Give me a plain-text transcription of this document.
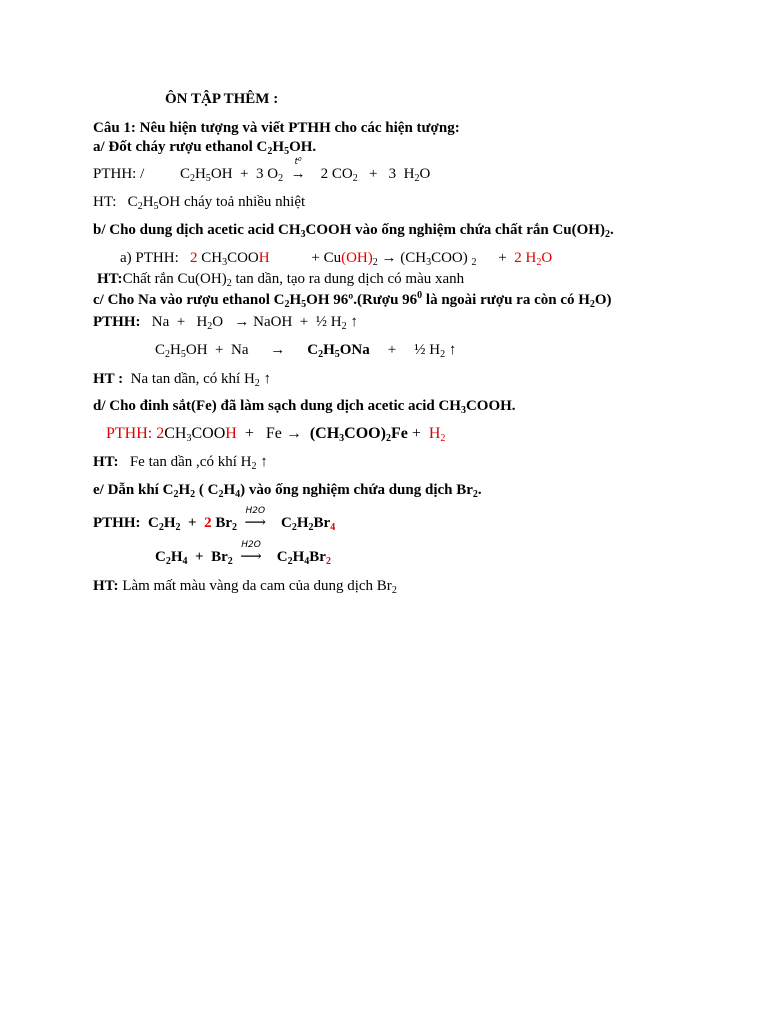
ÔN TẬP THÊM :
Câu 1: Nêu hiện tượng và viết PTHH cho các hiện tượng:
a/ Đốt cháy rượu ethanol $C_2H_5OH$.
PTHH: / $C_2H_5OH + 3$ $O_2$
t⁰
→    2 $CO_2 + 3$  $H_2O$
HT:   $C_2H_5OH$ cháy toả nhiều nhiệt
b/ Cho dung dịch acetic acid $CH_3COOH$ vào ống nghiệm chứa chất rắn $Cu(OH)_2$.
a) PTHH: 2 $CH_3COOH$	+ $Cu(OH)_2 \to (CH_3COO) _2 + 2$ $H_2O$
HT:Chất rắn $Cu(OH)_2$ tan dần, tạo ra dung dịch có màu xanh
c/ Cho Na vào rượu ethanol $C_2H_5OH$ 96º.(Rượu $96^0$ là ngoài rượu ra còn có $H_2O$)
PTHH:   $Na + H_2O$   → NaOH  +  ½ $H_2$ ↑
$C_2H_5OH + Na \to C_2H_5ONa$ + ½ $H_2$ ↑
HT : Na tan dần, có khí $H_2$ ↑
d/ Cho đinh sắt(Fe) đã làm sạch dung dịch acetic acid $CH_3COOH$.
PTHH: $2CH_3COOH + Fe \to (CH_3COO)_2Fe + H_2$
HT: Fe tan dần ,có khí $H_2$ ↑
e/ Dẫn khí $C_2H_2$ ( $C_2H_4$) vào ống nghiệm chứa dung dịch $Br_2$.
PTHH:  $C_2H_2 + 2$ $Br_2$
H2O
⟶    $C_2H_2Br_4$
$C_2H_4 + Br_2$
H2O
⟶    $C_2H_4Br_2$
HT: Làm mất màu vàng da cam của dung dịch $Br_2$
